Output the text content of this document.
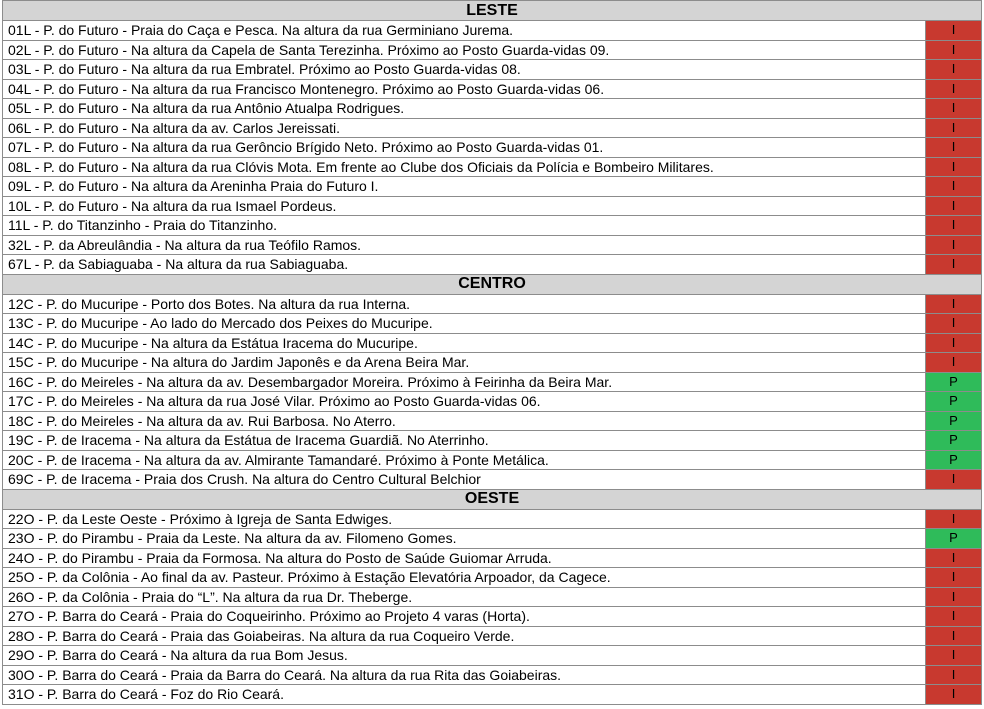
LESTE	
01L - P. do Futuro - Praia do Caça e Pesca. Na altura da rua Germiniano Jurema.	I
02L - P. do Futuro - Na altura da Capela de Santa Terezinha. Próximo ao Posto Guarda-vidas 09.	I
03L - P. do Futuro - Na altura da rua Embratel. Próximo ao Posto Guarda-vidas 08.	I
04L - P. do Futuro - Na altura da rua Francisco Montenegro. Próximo ao Posto Guarda-vidas 06.	I
05L - P. do Futuro - Na altura da rua Antônio Atualpa Rodrigues.	I
06L - P. do Futuro - Na altura da av. Carlos Jereissati.	I
07L - P. do Futuro - Na altura da rua Gerôncio Brígido Neto. Próximo ao Posto Guarda-vidas 01.	I
08L - P. do Futuro - Na altura da rua Clóvis Mota. Em frente ao Clube dos Oficiais da Polícia e Bombeiro Militares.	I
09L - P. do Futuro - Na altura da Areninha Praia do Futuro I.	I
10L - P. do Futuro - Na altura da rua Ismael Pordeus.	I
11L - P. do Titanzinho - Praia do Titanzinho.	I
32L - P. da Abreulândia - Na altura da rua Teófilo Ramos.	I
67L - P. da Sabiaguaba - Na altura da rua Sabiaguaba.	I
CENTRO	
12C - P. do Mucuripe - Porto dos Botes. Na altura da rua Interna.	I
13C - P. do Mucuripe - Ao lado do Mercado dos Peixes do Mucuripe.	I
14C - P. do Mucuripe - Na altura da Estátua Iracema do Mucuripe.	I
15C - P. do Mucuripe - Na altura do Jardim Japonês e da Arena Beira Mar.	I
16C - P. do Meireles - Na altura da av. Desembargador Moreira. Próximo à Feirinha da Beira Mar.	P
17C - P. do Meireles - Na altura da rua José Vilar. Próximo ao Posto Guarda-vidas 06.	P
18C - P. do Meireles - Na altura da av. Rui Barbosa. No Aterro.	P
19C - P. de Iracema - Na altura da Estátua de Iracema Guardiã. No Aterrinho.	P
20C - P. de Iracema - Na altura da av. Almirante Tamandaré. Próximo à Ponte Metálica.	P
69C - P. de Iracema - Praia dos Crush. Na altura do Centro Cultural Belchior	I
OESTE	
22O - P. da Leste Oeste - Próximo à Igreja de Santa Edwiges.	I
23O - P. do Pirambu - Praia da Leste. Na altura da av. Filomeno Gomes.	P
24O - P. do Pirambu - Praia da Formosa. Na altura do Posto de Saúde Guiomar Arruda.	I
25O - P. da Colônia - Ao final da av. Pasteur. Próximo à Estação Elevatória Arpoador, da Cagece.	I
26O - P. da Colônia - Praia do “L”. Na altura da rua Dr. Theberge.	I
27O - P. Barra do Ceará - Praia do Coqueirinho. Próximo ao Projeto 4 varas (Horta).	I
28O - P. Barra do Ceará - Praia das Goiabeiras. Na altura da rua Coqueiro Verde.	I
29O - P. Barra do Ceará - Na altura da rua Bom Jesus.	I
30O - P. Barra do Ceará - Praia da Barra do Ceará. Na altura da rua Rita das Goiabeiras.	I
31O - P. Barra do Ceará - Foz do Rio Ceará.	I
